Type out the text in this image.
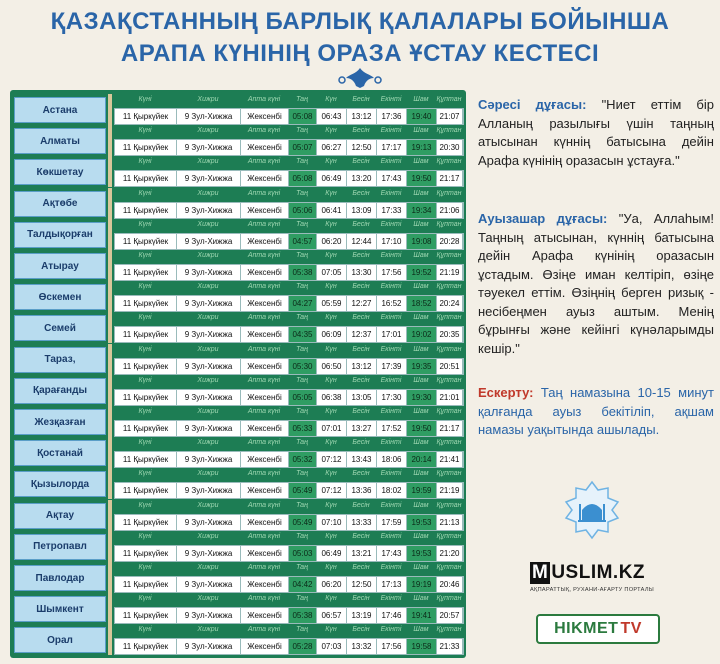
ҚАЗАҚСТАННЫҢ БАРЛЫҚ ҚАЛАЛАРЫ БОЙЫНША
АРАПА КҮНІНІҢ ОРАЗА ҰСТАУ КЕСТЕСІ
Астана
Күні	Хижри	Апта күні	Таң	Күн	Бесін	Екінті	Шам	Құптан
11 Қыркүйек	9 Зул-Хижжа	Жексенбі	05:08	06:43	13:12	17:36	19:40 21:07
Алматы
Күні	Хижри	Апта күні	Таң	Күн	Бесін	Екінті	Шам	Құптан
11 Қыркүйек	9 Зул-Хижжа	Жексенбі	05:07	06:27	12:50	17:17	19:13 20:30
Көкшетау
Күні	Хижри	Апта күні	Таң	Күн	Бесін	Екінті	Шам	Құптан
11 Қыркүйек	9 Зул-Хижжа	Жексенбі	05:08	06:49	13:20	17:43	19:50 21:17
Ақтөбе
Күні	Хижри	Апта күні	Таң	Күн	Бесін	Екінті	Шам	Құптан
11 Қыркүйек	9 Зул-Хижжа	Жексенбі	05:06	06:41	13:09	17:33	19:34 21:06
Талдықорған
Күні	Хижри	Апта күні	Таң	Күн	Бесін	Екінті	Шам	Құптан
11 Қыркүйек	9 Зул-Хижжа	Жексенбі	04:57	06:20	12:44	17:10	19:08 20:28
Атырау
Күні	Хижри	Апта күні	Таң	Күн	Бесін	Екінті	Шам	Құптан
11 Қыркүйек	9 Зул-Хижжа	Жексенбі	05:38	07:05	13:30	17:56	19:52 21:19
Өскемен
Күні	Хижри	Апта күні	Таң	Күн	Бесін	Екінті	Шам	Құптан
11 Қыркүйек	9 Зул-Хижжа	Жексенбі	04:27	05:59	12:27	16:52	18:52 20:24
Семей
Күні	Хижри	Апта күні	Таң	Күн	Бесін	Екінті	Шам	Құптан
11 Қыркүйек	9 Зул-Хижжа	Жексенбі	04:35	06:09	12:37	17:01	19:02 20:35
Тараз,
Күні	Хижри	Апта күні	Таң	Күн	Бесін	Екінті	Шам	Құптан
11 Қыркүйек	9 Зул-Хижжа	Жексенбі	05:30	06:50	13:12	17:39	19:35 20:51
Қарағанды
Күні	Хижри	Апта күні	Таң	Күн	Бесін	Екінті	Шам	Құптан
11 Қыркүйек	9 Зул-Хижжа	Жексенбі	05:05	06:38	13:05	17:30	19:30 21:01
Жезқазған
Күні	Хижри	Апта күні	Таң	Күн	Бесін	Екінті	Шам	Құптан
11 Қыркүйек	9 Зул-Хижжа	Жексенбі	05:33	07:01	13:27	17:52	19:50 21:17
Қостанай
Күні	Хижри	Апта күні	Таң	Күн	Бесін	Екінті	Шам	Құптан
11 Қыркүйек	9 Зул-Хижжа	Жексенбі	05:32	07:12	13:43	18:06	20:14 21:41
Қызылорда
Күні	Хижри	Апта күні	Таң	Күн	Бесін	Екінті	Шам	Құптан
11 Қыркүйек	9 Зул-Хижжа	Жексенбі	05:49	07:12	13:36	18:02	19:59 21:19
Ақтау
Күні	Хижри	Апта күні	Таң	Күн	Бесін	Екінті	Шам	Құптан
11 Қыркүйек	9 Зул-Хижжа	Жексенбі	05:49	07:10	13:33	17:59	19:53 21:13
Петропавл
Күні	Хижри	Апта күні	Таң	Күн	Бесін	Екінті	Шам	Құптан
11 Қыркүйек	9 Зул-Хижжа	Жексенбі	05:03	06:49	13:21	17:43	19:53 21:20
Павлодар
Күні	Хижри	Апта күні	Таң	Күн	Бесін	Екінті	Шам	Құптан
11 Қыркүйек	9 Зул-Хижжа	Жексенбі	04:42	06:20	12:50	17:13	19:19 20:46
Шымкент
Күні	Хижри	Апта күні	Таң	Күн	Бесін	Екінті	Шам	Құптан
11 Қыркүйек	9 Зул-Хижжа	Жексенбі	05:38	06:57	13:19	17:46	19:41 20:57
Орал
Күні	Хижри	Апта күні	Таң	Күн	Бесін	Екінті	Шам	Құптан
11 Қыркүйек	9 Зул-Хижжа	Жексенбі	05:28	07:03	13:32	17:56	19:58 21:33
Сәресі дұғасы: "Ниет еттім бір Алланың разылығы үшін таңның атысынан күннің батысына дейін Арафа күнінің оразасын ұстауға."
Ауызашар дұғасы: "Уа, Аллаһым! Таңның атысынан, күннің батысына дейін Арафа күнінің оразасын ұстадым. Өзіңе иман келтіріп, өзіңе тәуекел еттім. Өзіңнің берген ризық - несібеңмен ауыз аштым. Менің бұрынғы және кейінгі күнәларымды кешір."
Ескерту: Таң намазына 10-15 минут қалғанда ауыз бекітіліп, ақшам намазы уақытында ашылады.
M USLIM.KZ
АҚПАРАТТЫҚ, РУХАНИ-АҒАРТУ ПОРТАЛЫ
HIKMET TV
